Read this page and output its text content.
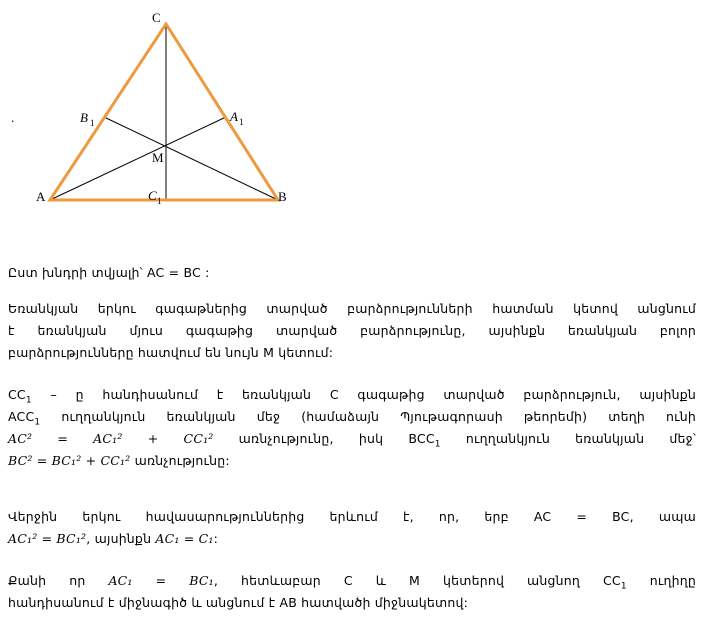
.
C
A	B
M
B 1	A 1
C 1

Ըստ խնդրի տվյալի՝ AC = BC :

Եռանկյան երկու գագաթներից տարված բարձրությունների հատման կետով անցնում
է եռանկյան մյուս գագաթից տարված բարձրությունը, այսինքն եռանկյան բոլոր
բարձրությունները հատվում են նույն M կետում:

$CC_1$ – ը հանդիսանում է եռանկյան C գագաթից տարված բարձրություն, այսինքն
$ACC_1$ ուղղանկյուն եռանկյան մեջ (համաձայն Պյութագորասի թեորեմի) տեղի ունի
AC² = AC₁² + CC₁² առնչությունը, իսկ $BCC_1$ ուղղանկյուն եռանկյան մեջ՝
BC² = BC₁² + CC₁² առնչությունը:

Վերջին երկու հավասարություններից երևում է, որ, երբ AC = BC, ապա
AC₁² = BC₁², այսինքն AC₁ = C₁:

Քանի որ AC₁ = BC₁, հետևաբար C և M կետերով անցնող $CC_1$ ուղիղը
հանդիսանում է միջնագիծ և անցնում է AB հատվածի միջնակետով:
